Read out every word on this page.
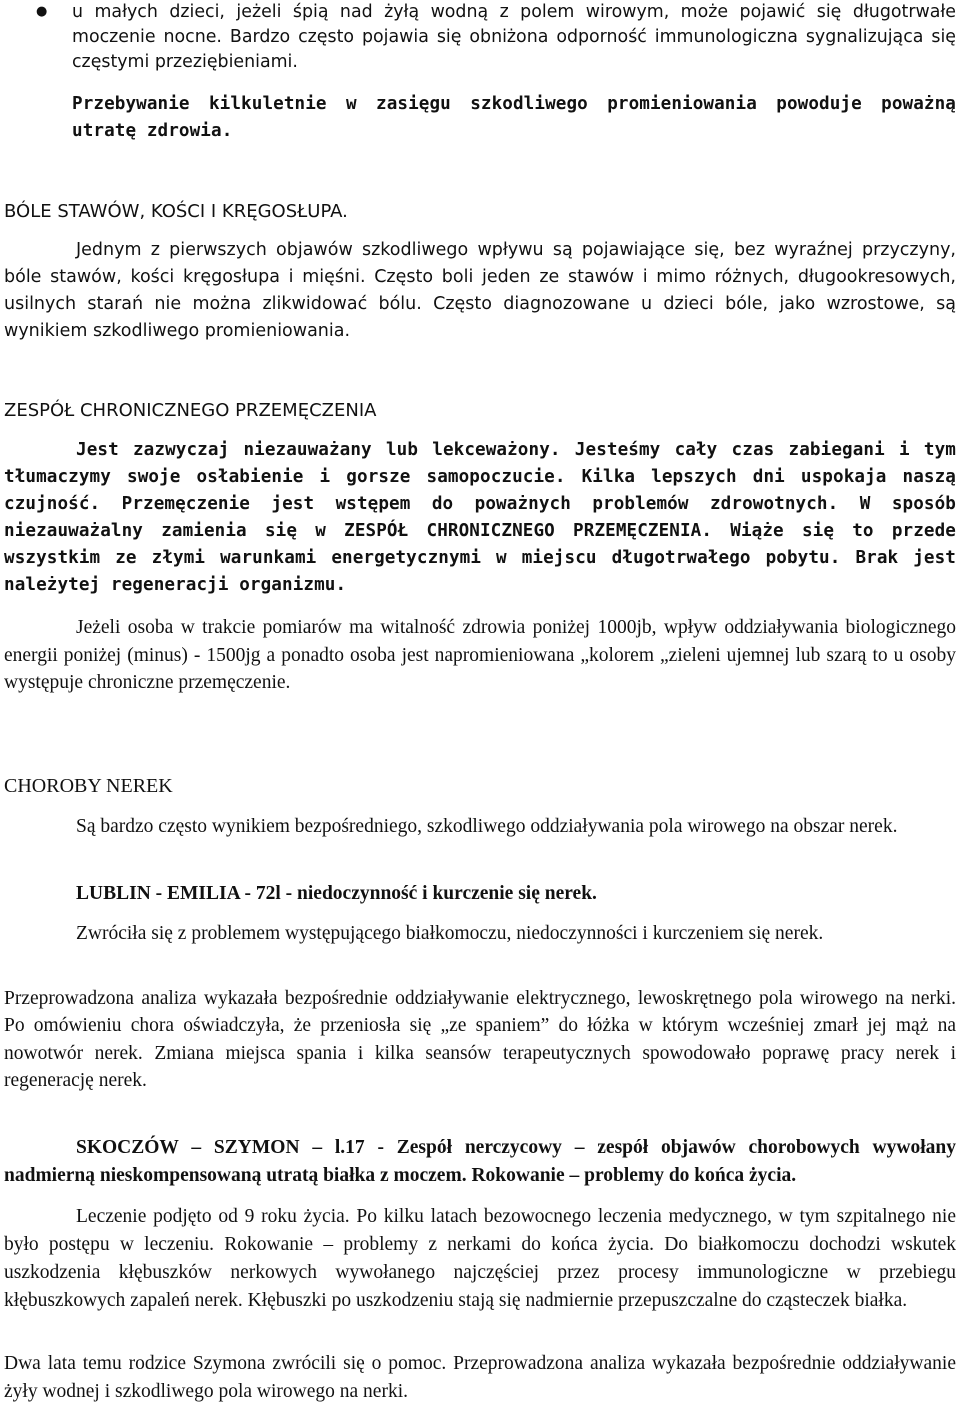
● u małych dzieci, jeżeli śpią nad żyłą wodną z polem wirowym, może pojawić się długotrwałe moczenie nocne. Bardzo często pojawia się obniżona odporność immunologiczna sygnalizująca się częstymi przeziębieniami.

Przebywanie kilkuletnie w zasięgu szkodliwego promieniowania powoduje poważną utratę zdrowia.

BÓLE STAWÓW, KOŚCI I KRĘGOSŁUPA.

Jednym z pierwszych objawów szkodliwego wpływu są pojawiające się, bez wyraźnej przyczyny, bóle stawów, kości kręgosłupa i mięśni. Często boli jeden ze stawów i mimo różnych, długookresowych, usilnych starań nie można zlikwidować bólu. Często diagnozowane u dzieci bóle, jako wzrostowe, są wynikiem szkodliwego promieniowania.

ZESPÓŁ CHRONICZNEGO PRZEMĘCZENIA

Jest zazwyczaj niezauważany lub lekceważony. Jesteśmy cały czas zabiegani i tym tłumaczymy swoje osłabienie i gorsze samopoczucie. Kilka lepszych dni uspokaja naszą czujność. Przemęczenie jest wstępem do poważnych problemów zdrowotnych. W sposób niezauważalny zamienia się w ZESPÓŁ CHRONICZNEGO PRZEMĘCZENIA. Wiąże się to przede wszystkim ze złymi warunkami energetycznymi w miejscu długotrwałego pobytu. Brak jest należytej regeneracji organizmu.

Jeżeli osoba w trakcie pomiarów ma witalność zdrowia poniżej 1000jb, wpływ oddziaływania biologicznego energii poniżej (minus) - 1500jg a ponadto osoba jest napromieniowana „kolorem „zieleni ujemnej lub szarą to u osoby występuje chroniczne przemęczenie.

CHOROBY NEREK

Są bardzo często wynikiem bezpośredniego, szkodliwego oddziaływania pola wirowego na obszar nerek.

LUBLIN - EMILIA - 72l - niedoczynność i kurczenie się nerek.

Zwróciła się z problemem występującego białkomoczu, niedoczynności i kurczeniem się nerek.

Przeprowadzona analiza wykazała bezpośrednie oddziaływanie elektrycznego, lewoskrętnego pola wirowego na nerki. Po omówieniu chora oświadczyła, że przeniosła się „ze spaniem” do łóżka w którym wcześniej zmarł jej mąż na nowotwór nerek. Zmiana miejsca spania i kilka seansów terapeutycznych spowodowało poprawę pracy nerek i regenerację nerek.

SKOCZÓW – SZYMON – l.17 - Zespół nerczycowy – zespół objawów chorobowych wywołany nadmierną nieskompensowaną utratą białka z moczem. Rokowanie – problemy do końca życia.

Leczenie podjęto od 9 roku życia. Po kilku latach bezowocnego leczenia medycznego, w tym szpitalnego nie było postępu w leczeniu. Rokowanie – problemy z nerkami do końca życia. Do białkomoczu dochodzi wskutek uszkodzenia kłębuszków nerkowych wywołanego najczęściej przez procesy immunologiczne w przebiegu kłębuszkowych zapaleń nerek. Kłębuszki po uszkodzeniu stają się nadmiernie przepuszczalne do cząsteczek białka.

Dwa lata temu rodzice Szymona zwrócili się o pomoc. Przeprowadzona analiza wykazała bezpośrednie oddziaływanie żyły wodnej i szkodliwego pola wirowego na nerki.
